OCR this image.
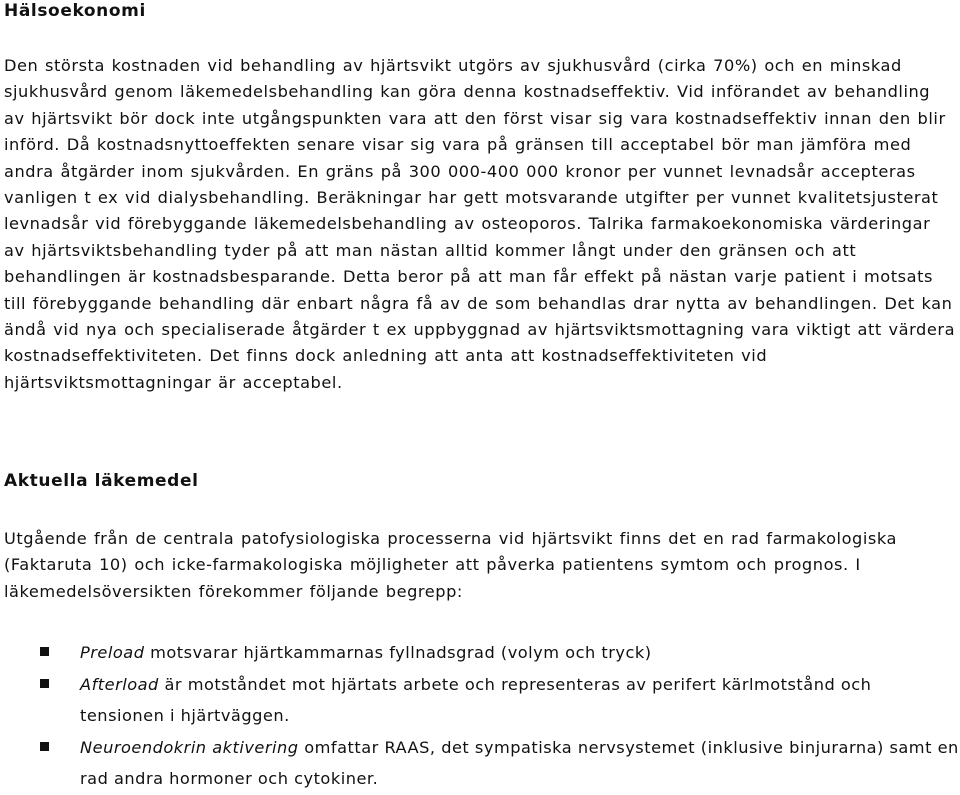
Hälsoekonomi

Den största kostnaden vid behandling av hjärtsvikt utgörs av sjukhusvård (cirka 70%) och en minskad sjukhusvård genom läkemedelsbehandling kan göra denna kostnadseffektiv. Vid införandet av behandling av hjärtsvikt bör dock inte utgångspunkten vara att den först visar sig vara kostnadseffektiv innan den blir införd. Då kostnadsnyttoeffekten senare visar sig vara på gränsen till acceptabel bör man jämföra med andra åtgärder inom sjukvården. En gräns på 300 000-400 000 kronor per vunnet levnadsår accepteras vanligen t ex vid dialysbehandling. Beräkningar har gett motsvarande utgifter per vunnet kvalitetsjusterat levnadsår vid förebyggande läkemedelsbehandling av osteoporos. Talrika farmakoekonomiska värderingar av hjärtsviktsbehandling tyder på att man nästan alltid kommer långt under den gränsen och att behandlingen är kostnadsbesparande. Detta beror på att man får effekt på nästan varje patient i motsats till förebyggande behandling där enbart några få av de som behandlas drar nytta av behandlingen. Det kan ändå vid nya och specialiserade åtgärder t ex uppbyggnad av hjärtsviktsmottagning vara viktigt att värdera kostnadseffektiviteten. Det finns dock anledning att anta att kostnadseffektiviteten vid hjärtsviktsmottagningar är acceptabel.

Aktuella läkemedel

Utgående från de centrala patofysiologiska processerna vid hjärtsvikt finns det en rad farmakologiska (Faktaruta 10) och icke-farmakologiska möjligheter att påverka patientens symtom och prognos. I läkemedelsöversikten förekommer följande begrepp:

Preload motsvarar hjärtkammarnas fyllnadsgrad (volym och tryck)
Afterload är motståndet mot hjärtats arbete och representeras av perifert kärlmotstånd och tensionen i hjärtväggen.
Neuroendokrin aktivering omfattar RAAS, det sympatiska nervsystemet (inklusive binjurarna) samt en rad andra hormoner och cytokiner.
